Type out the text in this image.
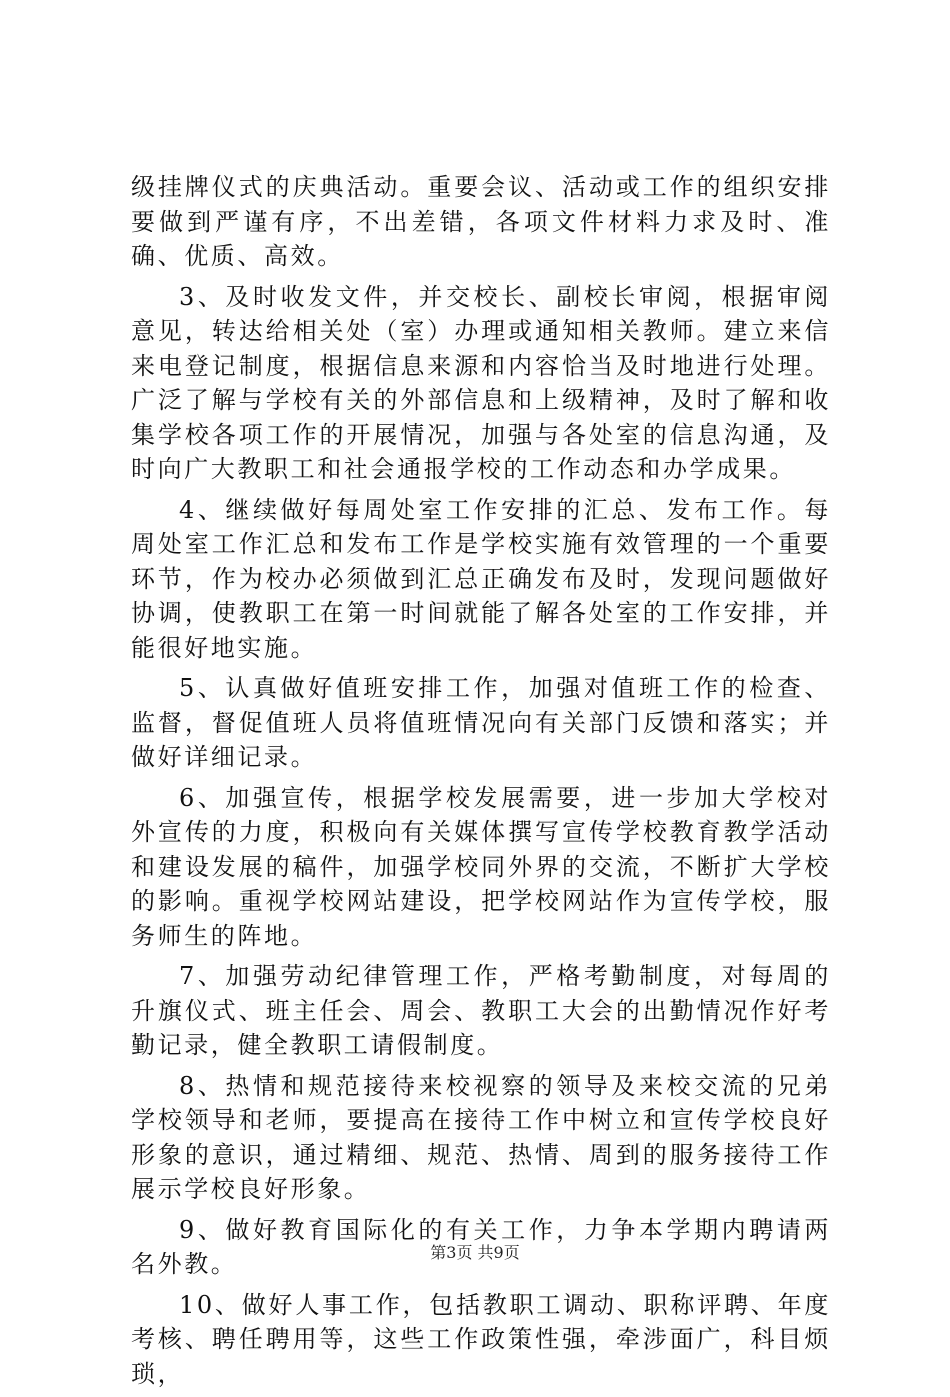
级挂牌仪式的庆典活动。重要会议、活动或工作的组织安排要做到严谨有序，不出差错，各项文件材料力求及时、准确、优质、高效。

3、及时收发文件，并交校长、副校长审阅，根据审阅意见，转达给相关处（室）办理或通知相关教师。建立来信来电登记制度，根据信息来源和内容恰当及时地进行处理。广泛了解与学校有关的外部信息和上级精神，及时了解和收集学校各项工作的开展情况，加强与各处室的信息沟通，及时向广大教职工和社会通报学校的工作动态和办学成果。

4、继续做好每周处室工作安排的汇总、发布工作。每周处室工作汇总和发布工作是学校实施有效管理的一个重要环节，作为校办必须做到汇总正确发布及时，发现问题做好协调，使教职工在第一时间就能了解各处室的工作安排，并能很好地实施。

5、认真做好值班安排工作，加强对值班工作的检查、监督，督促值班人员将值班情况向有关部门反馈和落实；并做好详细记录。

6、加强宣传，根据学校发展需要，进一步加大学校对外宣传的力度，积极向有关媒体撰写宣传学校教育教学活动和建设发展的稿件，加强学校同外界的交流，不断扩大学校的影响。重视学校网站建设，把学校网站作为宣传学校，服务师生的阵地。

7、加强劳动纪律管理工作，严格考勤制度，对每周的升旗仪式、班主任会、周会、教职工大会的出勤情况作好考勤记录，健全教职工请假制度。

8、热情和规范接待来校视察的领导及来校交流的兄弟学校领导和老师，要提高在接待工作中树立和宣传学校良好形象的意识，通过精细、规范、热情、周到的服务接待工作展示学校良好形象。

9、做好教育国际化的有关工作，力争本学期内聘请两名外教。

10、做好人事工作，包括教职工调动、职称评聘、年度考核、聘任聘用等，这些工作政策性强，牵涉面广，科目烦琐，

第3页 共9页
